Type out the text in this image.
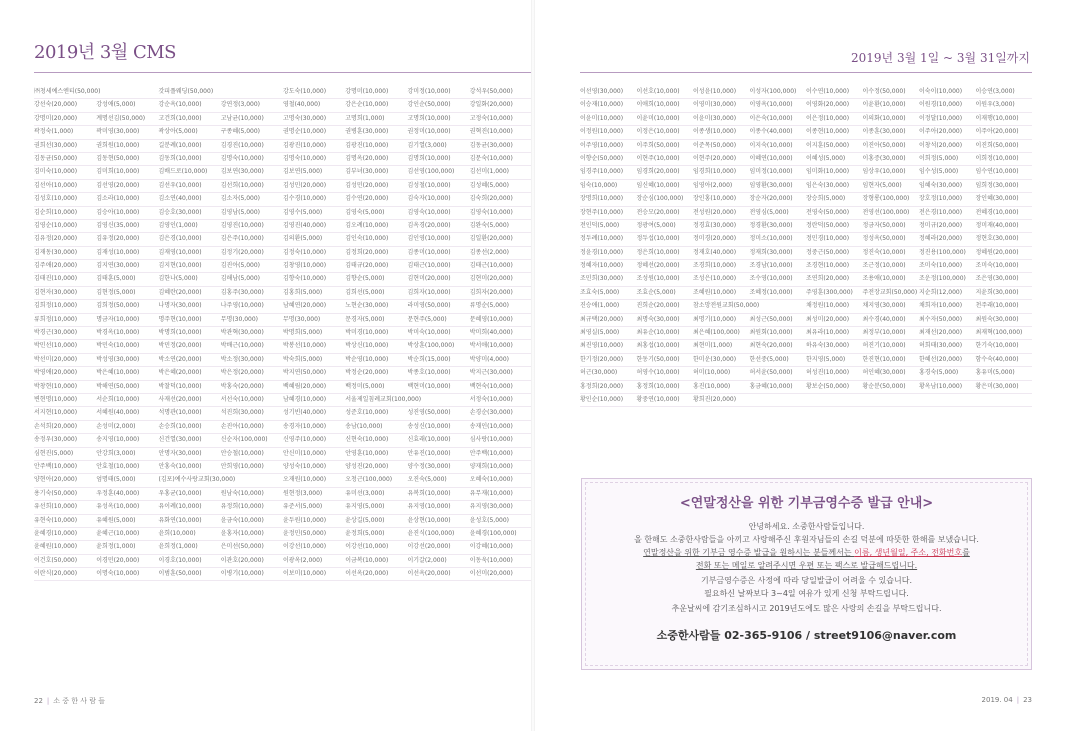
2019년 3월 CMS
㈜청세예스엔티(50,000)	갓피플웨딩(50,000)	강도숙(10,000)	강명미(10,000)	강미정(10,000)	강석우(50,000)
강선숙(20,000)	강성애(5,000)	강순옥(10,000)	강연정(3,000)	영철(40,000)	강은순(10,000)	강인순(50,000)	강일화(20,000)
강명미(20,000)	계명선김(50,000)	고건희(10,000)	고남균(10,000)	고명숙(30,000)	고명희(1,000)	고명희(10,000)	고정숙(10,000)
곽정숙(1,000)	곽미영(30,000)	곽상아(5,000)	구종혜(5,000)	권명순(10,000)	권병훈(30,000)	권정미(10,000)	권혁진(10,000)
권희선(30,000)	권희원(10,000)	길분례(10,000)	김경진(10,000)	김광진(10,000)	김광진(10,000)	김기열(3,000)	김동균(30,000)
김동균(50,000)	김동현(50,000)	김동희(10,000)	김명숙(10,000)	김명숙(10,000)	김명옥(20,000)	김명희(10,000)	김문숙(10,000)
김미숙(10,000)	김미희(10,000)	김배드로(10,000)	김보연(30,000)	김보연(5,000)	김부녀(30,000)	김선영(100,000)	김선미(1,000)
김선아(10,000)	김선영(20,000)	김선우(10,000)	김선희(10,000)	김성민(20,000)	김성민(20,000)	김성철(10,000)	김성혜(5,000)
김성호(10,000)	김소라(10,000)	김소연(40,000)	김소자(5,000)	김수경(10,000)	김수연(20,000)	김숙자(10,000)	김숙희(20,000)
김순희(10,000)	김승아(10,000)	김승호(30,000)	김영남(5,000)	김영수(5,000)	김영숙(5,000)	김영숙(10,000)	김영숙(10,000)
김영순(10,000)	김영신(35,000)	김영인(1,000)	김영진(10,000)	김영진(40,000)	김오례(10,000)	김옥경(20,000)	김완숙(5,000)
김유정(20,000)	김유정(20,000)	김은경(10,000)	김은주(10,000)	김의환(5,000)	김인숙(10,000)	김인영(10,000)	김일환(20,000)
김재동(30,000)	김재성(10,000)	김재영(10,000)	김정기(20,000)	김정숙(10,000)	김정희(20,000)	김종미(10,000)	김종선(2,000)
김주애(20,000)	김지연(30,000)	김지현(10,000)	김진아(5,000)	김창영(10,000)	김태규(20,000)	김태근(10,000)	김태근(10,000)
김태진(10,000)	김태훈(5,000)	김한나(5,000)	김해남(5,000)	김향숙(10,000)	김향순(5,000)	김현미(20,000)	김현미(20,000)
김현자(30,000)	김현정(5,000)	김혜란(20,000)	김홍주(30,000)	김홍희(5,000)	김희선(5,000)	김희자(10,000)	김희자(20,000)
김희정(10,000)	김희정(50,000)	나명자(30,000)	나주영(10,000)	남혜연(20,000)	노현순(30,000)	라미영(50,000)	류명순(5,000)
류희정(10,000)	명금자(10,000)	명주현(10,000)	무명(30,000)	무명(30,000)	문경자(5,000)	문현주(5,000)	문혜영(10,000)
박경근(30,000)	박경옥(10,000)	박명희(10,000)	박관혁(30,000)	박명희(5,000)	박미경(10,000)	박미숙(10,000)	박미희(40,000)
박민선(10,000)	박민숙(10,000)	박민정(20,000)	박배근(10,000)	박봉선(10,000)	박상신(10,000)	박상훈(100,000)	박서애(10,000)
박선미(20,000)	박성영(30,000)	박소연(20,000)	박소정(30,000)	박숙희(5,000)	박순영(10,000)	박순희(15,000)	박양미(4,000)
박영애(20,000)	박은혜(10,000)	박은혜(20,000)	박은정(20,000)	박지연(50,000)	박정순(20,000)	박종호(10,000)	박지근(30,000)
박창현(10,000)	박해연(50,000)	박찰덕(10,000)	박홍숙(20,000)	백혜림(20,000)	백정미(5,000)	백현미(10,000)	백현숙(10,000)
변현명(10,000)	서순희(10,000)	사재선(20,000)	서선숙(10,000)	남혜경(10,000)	서울제일침례교회(100,000)	서정숙(10,000)
서지현(10,000)	서혜원(40,000)	석명관(10,000)	석진희(30,000)	성기빈(40,000)	성준호(10,000)	성진영(50,000)	손경순(30,000)
손석희(20,000)	손성미(2,000)	손승희(10,000)	손진아(10,000)	송경자(10,000)	송남(10,000)	송성신(10,000)	송재인(10,000)
송정우(30,000)	송지영(10,000)	신건열(30,000)	신순자(100,000)	신영주(10,000)	신현숙(10,000)	신효래(10,000)	심사랑(10,000)
심현진(5,000)	안강희(3,000)	안명자(30,000)	안승철(10,000)	안신미(10,000)	안영훈(10,000)	안유진(10,000)	안주백(10,000)
안주백(10,000)	안효철(10,000)	안홍숙(10,000)	안희영(10,000)	양성숙(10,000)	양성진(20,000)	양수정(30,000)	양재희(10,000)
양현아(20,000)	엄명태(5,000)	(김포)예수사랑교회(30,000)	오재원(10,000)	오청근(100,000)	오진숙(5,000)	오혜숙(10,000)
용기숙(50,000)	우정훈(40,000)	우홍균(10,000)	원남숙(10,000)	원현정(3,000)	유미선(3,000)	유복희(10,000)	유무재(10,000)
유선희(10,000)	유성옥(10,000)	유이례(10,000)	유정희(10,000)	유준서(5,000)	유지영(5,000)	유지영(10,000)	유지영(30,000)
유현숙(10,000)	유혜원(5,000)	유화연(10,000)	윤금숙(10,000)	윤두원(10,000)	윤상길(5,000)	윤상현(10,000)	윤성호(5,000)
윤혜경(10,000)	윤혜근(10,000)	윤희(10,000)	윤홍자(10,000)	윤정민(50,000)	윤정희(5,000)	윤진식(100,000)	윤혜경(100,000)
윤혜원(10,000)	윤희정(1,000)	윤희정(1,000)	은미선(50,000)	이강선(10,000)	이강선(10,000)	이강선(20,000)	이강혜(10,000)
이건호(50,000)	이경민(20,000)	이경호(10,000)	이관호(20,000)	이광옥(2,000)	이금복(10,000)	이기갈(2,000)	이동욱(10,000)
이란식(20,000)	이명숙(10,000)	이범훈(50,000)	이병기(10,000)	이보미(10,000)	이선옥(20,000)	이선옥(20,000)	이선미(20,000)
22 | 소 중 한 사 람 들
2019년 3월 1일 ~ 3월 31일까지
2019. 04 | 23
이선영(30,000)	이선호(10,000)	이성윤(10,000)	이성자(100,000)	이수연(10,000)	이수정(50,000)	이숙이(10,000)	이승연(3,000)
이승재(10,000)	이애희(10,000)	이영미(30,000)	이영옥(10,000)	이영화(20,000)	이윤환(10,000)	이원경(10,000)	이원우(3,000)
이윤미(10,000)	이윤미(10,000)	이윤미(30,000)	이은숙(10,000)	이은정(10,000)	이의화(10,000)	이정달(10,000)	이재행(10,000)
이정원(10,000)	이정은(10,000)	이종생(10,000)	이종수(40,000)	이종현(10,000)	이종훈(30,000)	이주아(20,000)	이주아(20,000)
이주영(10,000)	이주희(50,000)	이준목(50,000)	이지숙(10,000)	이지훈(50,000)	이진아(50,000)	이창석(20,000)	이진희(50,000)
이향순(50,000)	이현주(10,000)	이현주(20,000)	이혜연(10,000)	이혜성(5,000)	이홍증(30,000)	이희정(5,000)	이희정(10,000)
임경주(10,000)	임경희(20,000)	임경희(10,000)	임미정(10,000)	임미화(10,000)	임상우(10,000)	임수성(5,000)	임수연(10,000)
임숙(10,000)	임신혜(10,000)	임영아(2,000)	임영환(30,000)	임은숙(30,000)	임현자(5,000)	임혜숙(30,000)	임희정(30,000)
장명희(10,000)	장순심(100,000)	장인홍(10,000)	장순자(20,000)	장승희(5,000)	장형롱(100,000)	장호정(10,000)	장인혜(30,000)
장현주(10,000)	전승모(20,000)	전성원(20,000)	전영심(5,000)	전영숙(50,000)	전영선(100,000)	전은경(10,000)	전혜경(10,000)
전인덕(5,000)	정광여(5,000)	정경효(30,000)	정경환(30,000)	정란덕(50,000)	정금자(50,000)	정미규(20,000)	정미재(40,000)
정두례(10,000)	정두섭(10,000)	정미경(20,000)	정미소(10,000)	정민경(10,000)	정성옥(50,000)	정혜라(20,000)	정현호(30,000)
정윤경(10,000)	정은희(10,000)	정재호(40,000)	정재희(30,000)	정중근(50,000)	정진숙(10,000)	정진용(100,000)	정혜원(20,000)
정혜자(10,000)	정혜선(20,000)	조경희(10,000)	조경남(10,000)	조경현(10,000)	조근정(10,000)	조미숙(10,000)	조미숙(10,000)
조민희(30,000)	조성원(10,000)	조성은(10,000)	조수영(10,000)	조연희(20,000)	조용애(10,000)	조운정(100,000)	조은영(30,000)
조효숙(5,000)	조효순(5,000)	조혜원(10,000)	조혜정(10,000)	주영훈(300,000)	주전장교회(50,000) 지순희(12,000)	지윤희(30,000)
진승애(1,000)	진희순(20,000)	참소망전원교회(50,000)	채정원(10,000)	채지영(30,000)	채희자(10,000)	천주래(10,000)
최규택(20,000)	최명숙(30,000)	최명기(10,000)	최성근(50,000)	최성미(20,000)	최수경(40,000)	최수자(50,000)	최원숙(30,000)
최영실(5,000)	최유순(10,000)	최은혜(100,000)	최원회(10,000)	최유라(10,000)	최정부(10,000)	최재선(20,000)	최재혁(100,000)
최진영(10,000)	최홍섭(10,000)	최현미(1,000)	최현숙(20,000)	하유숙(30,000)	허진기(10,000)	허희태(30,000)	한기숙(10,000)
한기정(20,000)	한동기(50,000)	한미운(30,000)	한선중(5,000)	한지영(5,000)	한진현(10,000)	한혜선(20,000)	함수숙(40,000)
허근(30,000)	허영수(10,000)	허미(10,000)	허서윤(50,000)	허성진(10,000)	허인혜(30,000)	홍경숙(5,000)	홍유미(5,000)
홍정희(20,000)	홍정희(10,000)	홍진(10,000)	홍금혜(10,000)	황보순(50,000)	황순분(50,000)	황옥남(10,000)	황은미(30,000)
황인순(10,000)	황중연(10,000)	황희진(20,000)
<연말정산을 위한 기부금영수증 발급 안내>
안녕하세요. 소중한사람들입니다.
올 한해도 소중한사람들을 아끼고 사랑해주신 후원자님들의 손길 덕분에 따뜻한 한해를 보냈습니다.
연말정산을 위한 기부금 영수증 발급을 원하시는 분들께서는 이름, 생년월일, 주소, 전화번호를
전화 또는 메일로 알려주시면 우편 또는 팩스로 발급해드립니다.
기부금영수증은 사정에 따라 당일발급이 어려울 수 있습니다.
필요하신 날짜보다 3~4일 여유가 있게 신청 부탁드립니다.
추운날씨에 감기조심하시고 2019년도에도 많은 사랑의 손길을 부탁드립니다.
소중한사람들 02-365-9106 / street9106@naver.com
